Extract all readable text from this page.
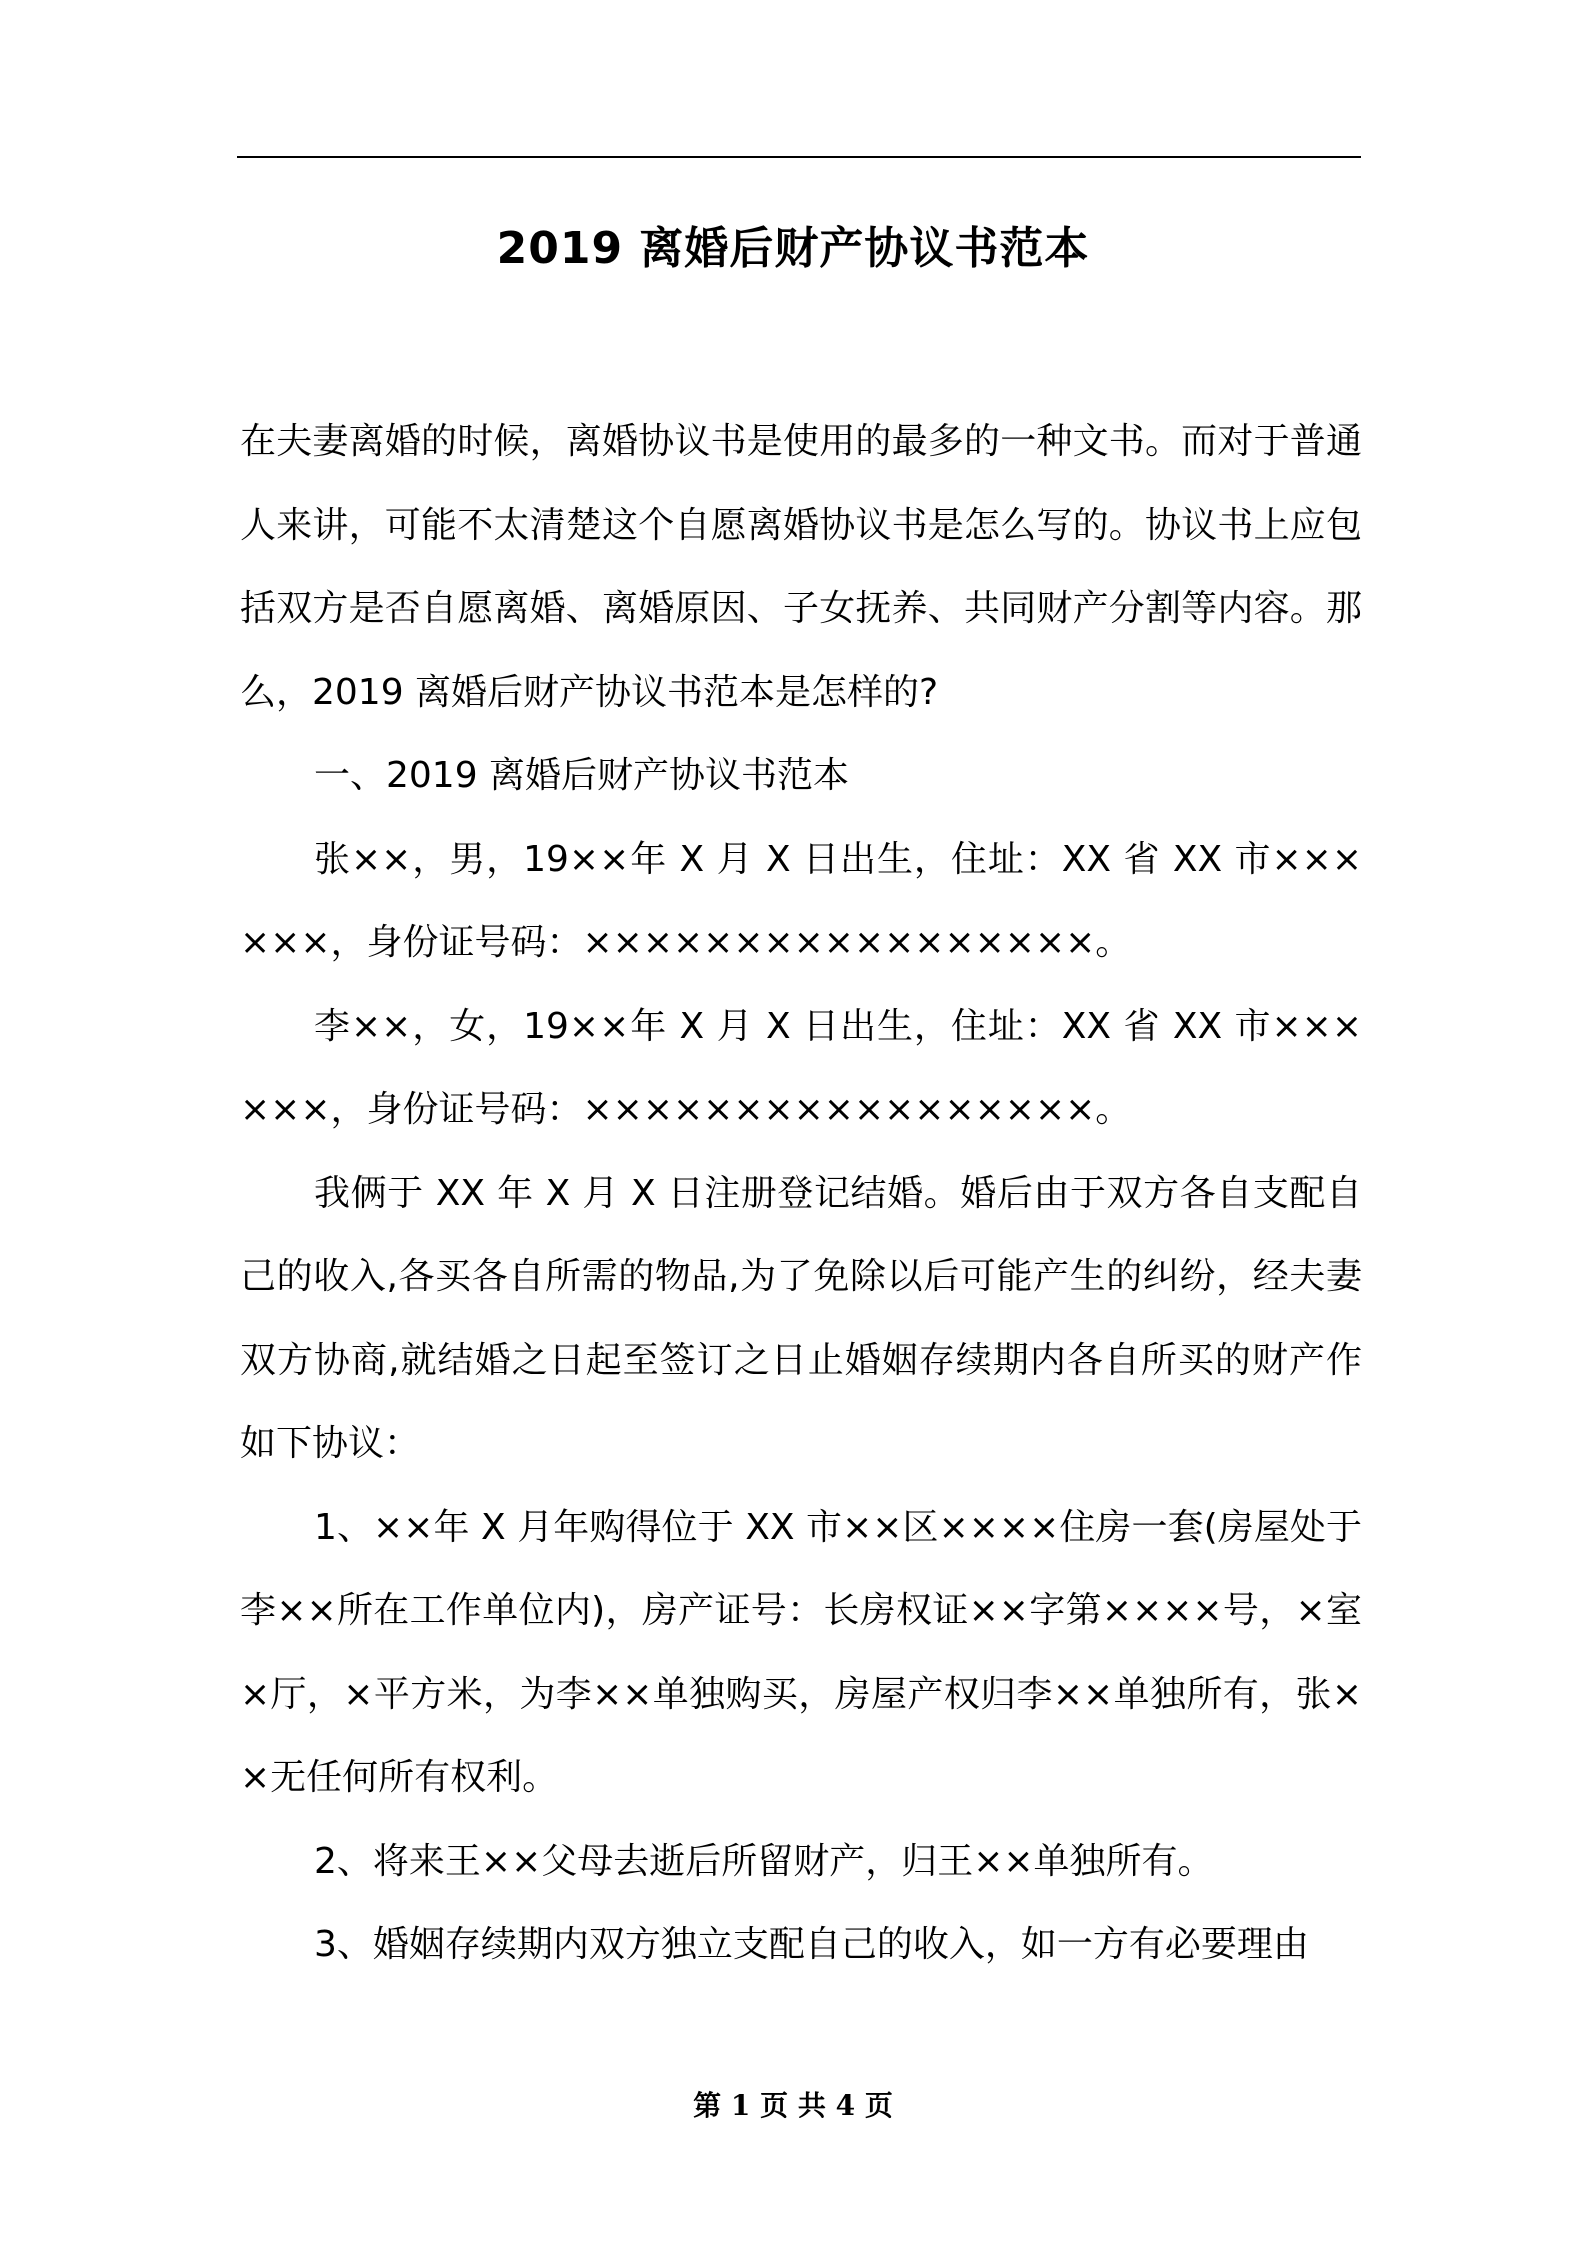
2019 离婚后财产协议书范本

在夫妻离婚的时候，离婚协议书是使用的最多的一种文书。而对于普通人来讲，可能不太清楚这个自愿离婚协议书是怎么写的。协议书上应包括双方是否自愿离婚、离婚原因、子女抚养、共同财产分割等内容。那么，2019 离婚后财产协议书范本是怎样的?

一、2019 离婚后财产协议书范本

张××，男，19××年 X 月 X 日出生，住址：XX 省 XX 市××××××，身份证号码：×××××××××××××××××。

李××，女，19××年 X 月 X 日出生，住址：XX 省 XX 市××××××，身份证号码：×××××××××××××××××。

我俩于 XX 年 X 月 X 日注册登记结婚。婚后由于双方各自支配自己的收入,各买各自所需的物品,为了免除以后可能产生的纠纷，经夫妻双方协商,就结婚之日起至签订之日止婚姻存续期内各自所买的财产作如下协议：

1、××年 X 月年购得位于 XX 市××区××××住房一套(房屋处于李××所在工作单位内)，房产证号：长房权证××字第××××号，×室×厅，×平方米，为李××单独购买，房屋产权归李××单独所有，张××无任何所有权利。

2、将来王××父母去逝后所留财产，归王××单独所有。

3、婚姻存续期内双方独立支配自己的收入，如一方有必要理由

第 1 页 共 4 页
